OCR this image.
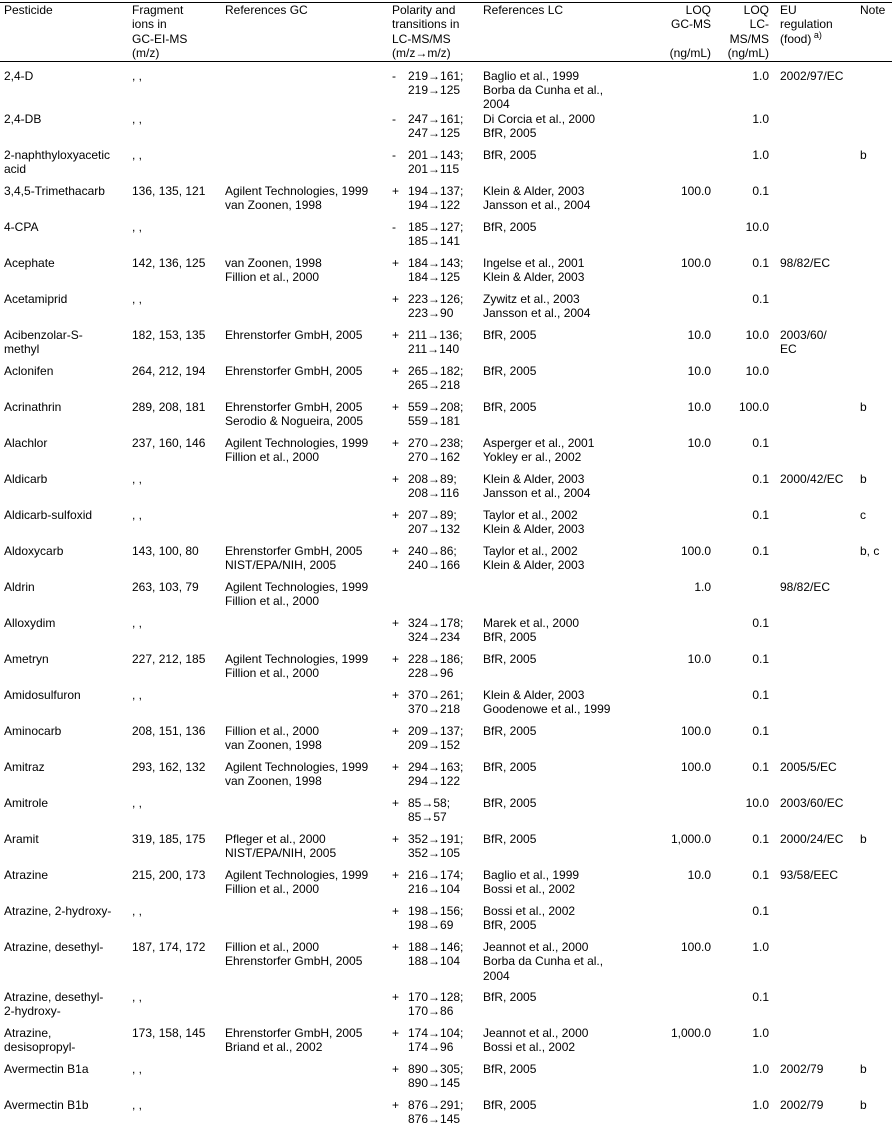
Pesticide	Fragment
ions in
GC-EI-MS
(m/z)	References GC	Polarity and
transitions in
LC-MS/MS
(m/z→m/z)	References LC	LOQ
GC-MS

(ng/mL)	LOQ
LC-
MS/MS
(ng/mL)	EU
regulation
(food) $^{a)}$	Note
2,4-D	, ,		- 219→161;
219→125	Baglio et al., 1999
Borba da Cunha et al.,
2004		1.0	2002/97/EC	
2,4-DB	, ,		- 247→161;
247→125	Di Corcia et al., 2000
BfR, 2005		1.0		
2-naphthyloxyacetic
acid	, ,		- 201→143;
201→115	BfR, 2005		1.0		b
3,4,5-Trimethacarb	136, 135, 121	Agilent Technologies, 1999
van Zoonen, 1998	+ 194→137;
194→122	Klein & Alder, 2003
Jansson et al., 2004	100.0	0.1		
4-CPA	, ,		- 185→127;
185→141	BfR, 2005		10.0		
Acephate	142, 136, 125	van Zoonen, 1998
Fillion et al., 2000	+ 184→143;
184→125	Ingelse et al., 2001
Klein & Alder, 2003	100.0	0.1	98/82/EC	
Acetamiprid	, ,		+ 223→126;
223→90	Zywitz et al., 2003
Jansson et al., 2004		0.1		
Acibenzolar-S-
methyl	182, 153, 135	Ehrenstorfer GmbH, 2005	+ 211→136;
211→140	BfR, 2005	10.0	10.0	2003/60/
EC	
Aclonifen	264, 212, 194	Ehrenstorfer GmbH, 2005	+ 265→182;
265→218	BfR, 2005	10.0	10.0		
Acrinathrin	289, 208, 181	Ehrenstorfer GmbH, 2005
Serodio & Nogueira, 2005	+ 559→208;
559→181	BfR, 2005	10.0	100.0		b
Alachlor	237, 160, 146	Agilent Technologies, 1999
Fillion et al., 2000	+ 270→238;
270→162	Asperger et al., 2001
Yokley er al., 2002	10.0	0.1		
Aldicarb	, ,		+ 208→89;
208→116	Klein & Alder, 2003
Jansson et al., 2004		0.1	2000/42/EC	b
Aldicarb-sulfoxid	, ,		+ 207→89;
207→132	Taylor et al., 2002
Klein & Alder, 2003		0.1		c
Aldoxycarb	143, 100, 80	Ehrenstorfer GmbH, 2005
NIST/EPA/NIH, 2005	+ 240→86;
240→166	Taylor et al., 2002
Klein & Alder, 2003	100.0	0.1		b, c
Aldrin	263, 103, 79	Agilent Technologies, 1999
Fillion et al., 2000			1.0		98/82/EC	
Alloxydim	, ,		+ 324→178;
324→234	Marek et al., 2000
BfR, 2005		0.1		
Ametryn	227, 212, 185	Agilent Technologies, 1999
Fillion et al., 2000	+ 228→186;
228→96	BfR, 2005	10.0	0.1		
Amidosulfuron	, ,		+ 370→261;
370→218	Klein & Alder, 2003
Goodenowe et al., 1999		0.1		
Aminocarb	208, 151, 136	Fillion et al., 2000
van Zoonen, 1998	+ 209→137;
209→152	BfR, 2005	100.0	0.1		
Amitraz	293, 162, 132	Agilent Technologies, 1999
van Zoonen, 1998	+ 294→163;
294→122	BfR, 2005	100.0	0.1	2005/5/EC	
Amitrole	, ,		+ 85→58;
85→57	BfR, 2005		10.0	2003/60/EC	
Aramit	319, 185, 175	Pfleger et al., 2000
NIST/EPA/NIH, 2005	+ 352→191;
352→105	BfR, 2005	1,000.0	0.1	2000/24/EC	b
Atrazine	215, 200, 173	Agilent Technologies, 1999
Fillion et al., 2000	+ 216→174;
216→104	Baglio et al., 1999
Bossi et al., 2002	10.0	0.1	93/58/EEC	
Atrazine, 2-hydroxy-	, ,		+ 198→156;
198→69	Bossi et al., 2002
BfR, 2005		0.1		
Atrazine, desethyl-	187, 174, 172	Fillion et al., 2000
Ehrenstorfer GmbH, 2005	+ 188→146;
188→104	Jeannot et al., 2000
Borba da Cunha et al.,
2004	100.0	1.0		
Atrazine, desethyl-
2-hydroxy-	, ,		+ 170→128;
170→86	BfR, 2005		0.1		
Atrazine,
desisopropyl-	173, 158, 145	Ehrenstorfer GmbH, 2005
Briand et al., 2002	+ 174→104;
174→96	Jeannot et al., 2000
Bossi et al., 2002	1,000.0	1.0		
Avermectin B1a	, ,		+ 890→305;
890→145	BfR, 2005		1.0	2002/79	b
Avermectin B1b	, ,		+ 876→291;
876→145	BfR, 2005		1.0	2002/79	b
